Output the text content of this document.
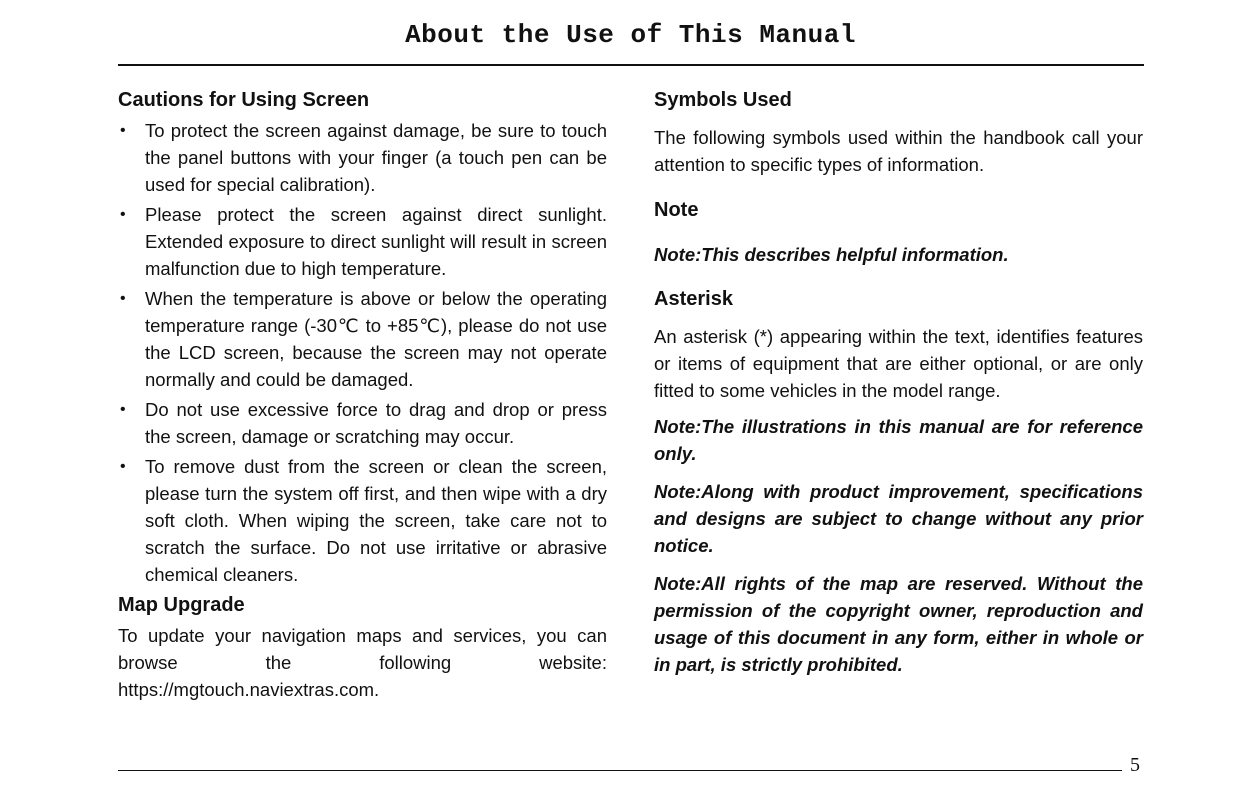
About the Use of This Manual
Cautions for Using Screen
• To protect the screen against damage, be sure to touch the panel buttons with your finger (a touch pen can be used for special calibration).
• Please protect the screen against direct sunlight. Extended exposure to direct sunlight will result in screen malfunction due to high temperature.
• When the temperature is above or below the operating temperature range (-30℃ to +85℃), please do not use the LCD screen, because the screen may not operate normally and could be damaged.
• Do not use excessive force to drag and drop or press the screen, damage or scratching may occur.
• To remove dust from the screen or clean the screen, please turn the system off first, and then wipe with a dry soft cloth. When wiping the screen, take care not to scratch the surface. Do not use irritative or abrasive chemical cleaners.
Map Upgrade

To update your navigation maps and services, you can browse the following website: https://mgtouch.naviextras.com.

Symbols Used

The following symbols used within the handbook call your attention to specific types of information.

Note

Note:This describes helpful information.

Asterisk

An asterisk (*) appearing within the text, identifies features or items of equipment that are either optional, or are only fitted to some vehicles in the model range.

Note:The illustrations in this manual are for reference only.

Note:Along with product improvement, specifications and designs are subject to change without any prior notice.

Note:All rights of the map are reserved. Without the permission of the copyright owner, reproduction and usage of this document in any form, either in whole or in part, is strictly prohibited.

5
